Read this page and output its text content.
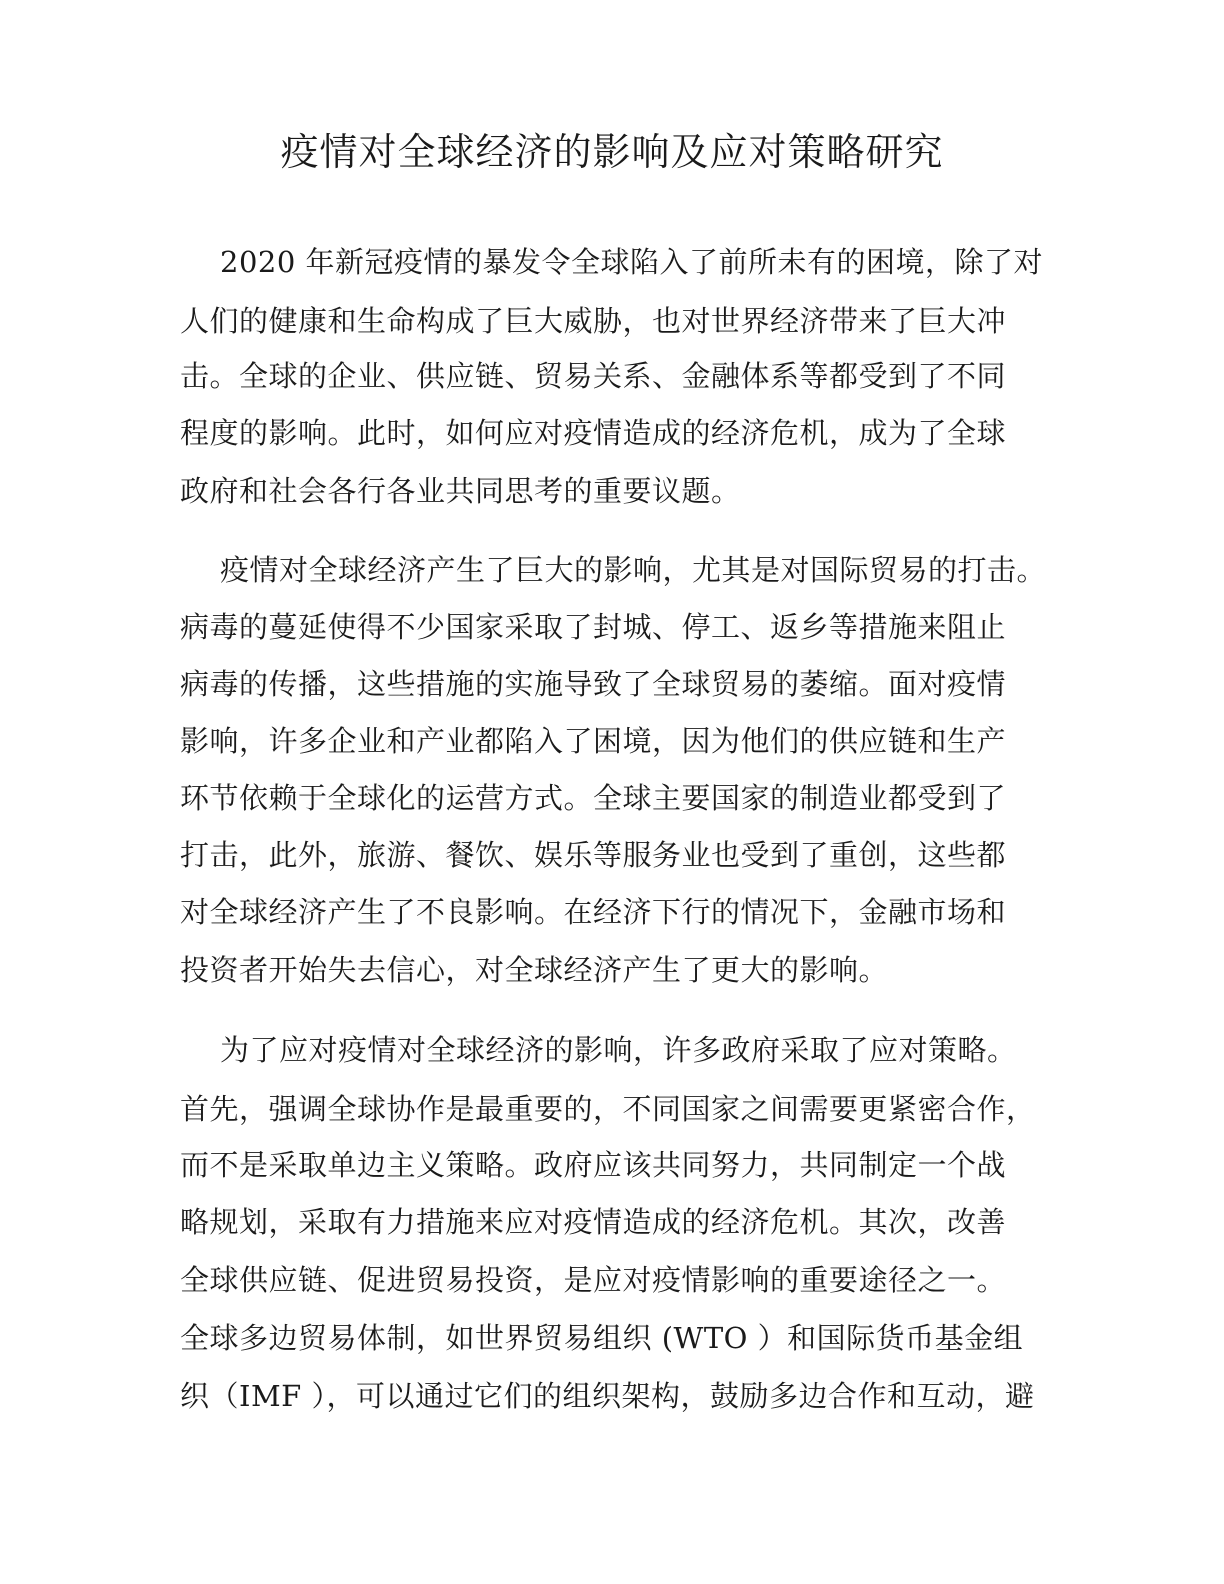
疫情对全球经济的影响及应对策略研究
2020 年新冠疫情的暴发令全球陷入了前所未有的困境，除了对
人们的健康和生命构成了巨大威胁，也对世界经济带来了巨大冲
击。全球的企业、供应链、贸易关系、金融体系等都受到了不同
程度的影响。此时，如何应对疫情造成的经济危机，成为了全球
政府和社会各行各业共同思考的重要议题。
疫情对全球经济产生了巨大的影响，尤其是对国际贸易的打击。
病毒的蔓延使得不少国家采取了封城、停工、返乡等措施来阻止
病毒的传播，这些措施的实施导致了全球贸易的萎缩。面对疫情
影响，许多企业和产业都陷入了困境，因为他们的供应链和生产
环节依赖于全球化的运营方式。全球主要国家的制造业都受到了
打击，此外，旅游、餐饮、娱乐等服务业也受到了重创，这些都
对全球经济产生了不良影响。在经济下行的情况下，金融市场和
投资者开始失去信心，对全球经济产生了更大的影响。
为了应对疫情对全球经济的影响，许多政府采取了应对策略。
首先，强调全球协作是最重要的，不同国家之间需要更紧密合作，
而不是采取单边主义策略。政府应该共同努力，共同制定一个战
略规划，采取有力措施来应对疫情造成的经济危机。其次，改善
全球供应链、促进贸易投资，是应对疫情影响的重要途径之一。
全球多边贸易体制，如世界贸易组织 (WTO ）和国际货币基金组
织（IMF ），可以通过它们的组织架构，鼓励多边合作和互动，避
